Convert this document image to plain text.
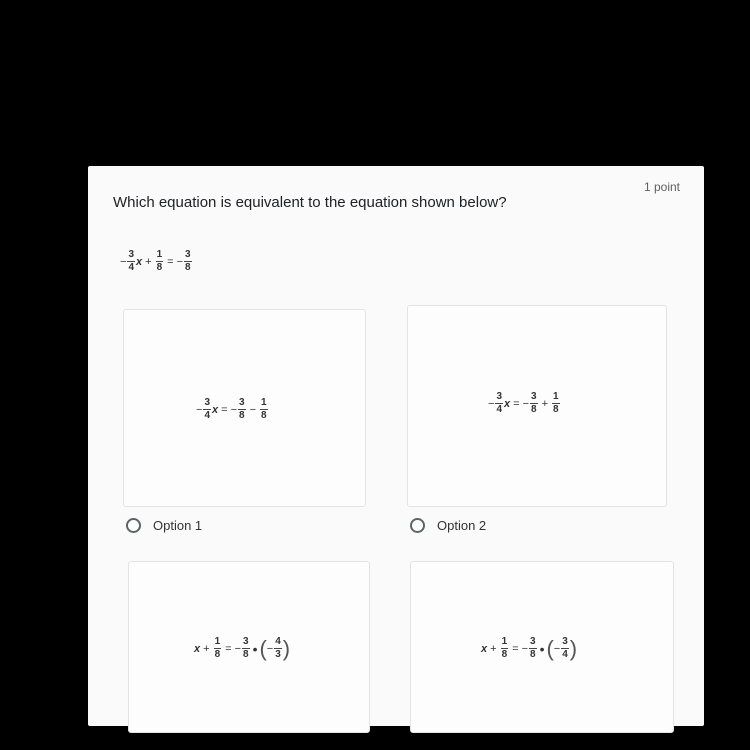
1 point
Which equation is equivalent to the equation shown below?
− $\frac{3}{4}$ $x + \frac{1}{8}$ = − $\frac{3}{8}$
− $\frac{3}{4}$ x = − $\frac{3}{8} - \frac{1}{8}$	− $\frac{3}{4}$ x = − $\frac{3}{8} + \frac{1}{8}$
Option 1	Option 2
$x + \frac{1}{8}$ = − $\frac{3}{8}$ • ( − $\frac{4}{3}$ )	$x + \frac{1}{8}$ = − $\frac{3}{8}$ • ( − $\frac{3}{4}$ )
